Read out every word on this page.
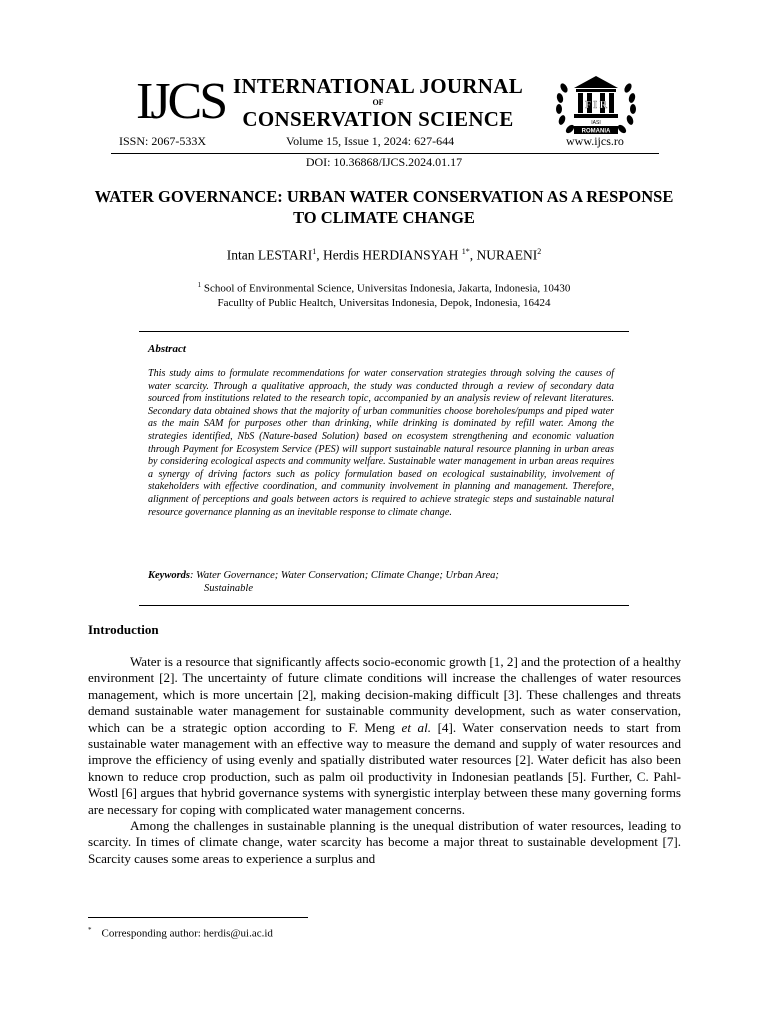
IJCS
ISSN: 2067-533X
INTERNATIONAL JOURNAL
OF
CONSERVATION SCIENCE
Volume 15, Issue 1, 2024: 627-644	www.ijcs.ro
F I R
IASI
ROMANIA
DOI: 10.36868/IJCS.2024.01.17
WATER GOVERNANCE: URBAN WATER CONSERVATION AS A RESPONSE TO CLIMATE CHANGE
Intan LESTARI$^1$, Herdis HERDIANSYAH $^{1*}$, NURAENI$^2$
$^1$ School of Environmental Science, Universitas Indonesia, Jakarta, Indonesia, 10430
Facullty of Public Healtch, Universitas Indonesia, Depok, Indonesia, 16424
Abstract
This study aims to formulate recommendations for water conservation strategies through solving the causes of water scarcity. Through a qualitative approach, the study was conducted through a review of secondary data sourced from institutions related to the research topic, accompanied by an analysis review of relevant literatures. Secondary data obtained shows that the majority of urban communities choose boreholes/pumps and piped water as the main SAM for purposes other than drinking, while drinking is dominated by refill water. Among the strategies identified, NbS (Nature-based Solution) based on ecosystem strengthening and economic valuation through Payment for Ecosystem Service (PES) will support sustainable natural resource planning in urban areas by considering ecological aspects and community welfare. Sustainable water management in urban areas requires a synergy of driving factors such as policy formulation based on ecological sustainability, involvement of stakeholders with effective coordination, and community involvement in planning and management. Therefore, alignment of perceptions and goals between actors is required to achieve strategic steps and sustainable natural resource governance planning as an inevitable response to climate change.
Keywords: Water Governance; Water Conservation; Climate Change; Urban Area;
Sustainable
Introduction

Water is a resource that significantly affects socio-economic growth [1, 2] and the protection of a healthy environment [2]. The uncertainty of future climate conditions will increase the challenges of water resources management, which is more uncertain [2], making decision-making difficult [3]. These challenges and threats demand sustainable water management for sustainable community development, such as water conservation, which can be a strategic option according to F. Meng et al. [4]. Water conservation needs to start from sustainable water management with an effective way to measure the demand and supply of water resources and improve the efficiency of using evenly and spatially distributed water resources [2]. Water deficit has also been known to reduce crop production, such as palm oil productivity in Indonesian peatlands [5]. Further, C. Pahl-Wostl [6] argues that hybrid governance systems with synergistic interplay between these many governing forms are necessary for coping with complicated water management concerns.

Among the challenges in sustainable planning is the unequal distribution of water resources, leading to scarcity. In times of climate change, water scarcity has become a major threat to sustainable development [7]. Scarcity causes some areas to experience a surplus and

* Corresponding author: herdis@ui.ac.id
